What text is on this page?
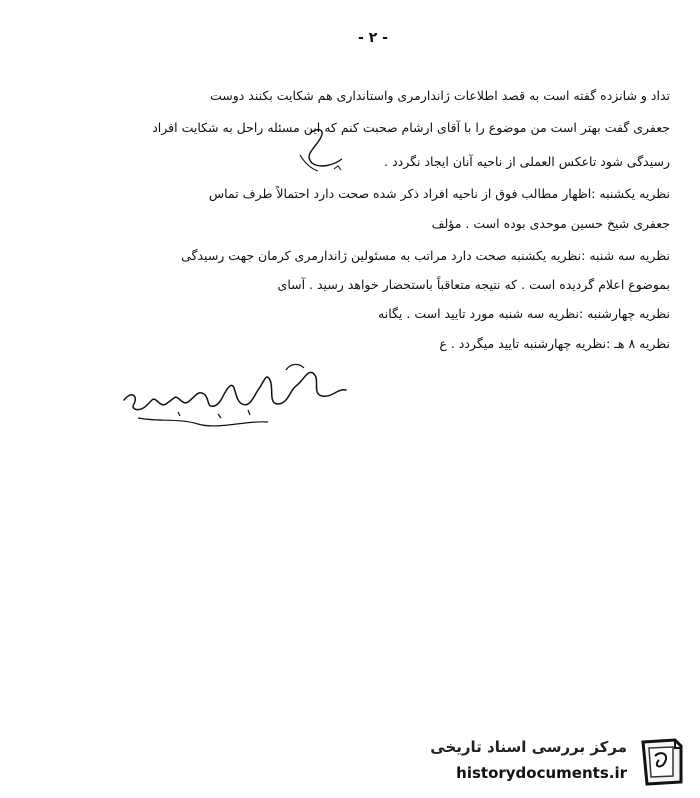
- ۲ -
تداد و شانزده گفته است به قصد اطلاعات ژاندارمری واستانداری هم شکایت بکنند دوست
جعفری گفت بهتر است من موضوع را با آقای ارشام صحبت کنم که این مسئله راحل به شکایت افراد
رسیدگی شود تاعکس العملی از ناحیه آنان ایجاد نگردد .
نظریه یکشنبه :اظهار مطالب فوق از ناحیه افراد ذکر شده صحت دارد احتمالاً طرف تماس
جعفری شیخ حسین موحدی بوده است . مؤلف
نظریه سه شنبه :نظریه یکشنبه صحت دارد مراتب به مسئولین ژاندارمری کرمان جهت رسیدگی
بموضوع اعلام گردیده است . که نتیجه متعاقباً باستحضار خواهد رسید . آسای
نظریه چهارشنبه :نظریه سه شنبه مورد تایید است . یگانه
نظریه ۸ هـ :نظریه چهارشنبه تایید میگردد . ع
مرکز بررسی اسناد تاریخی
historydocuments.ir
